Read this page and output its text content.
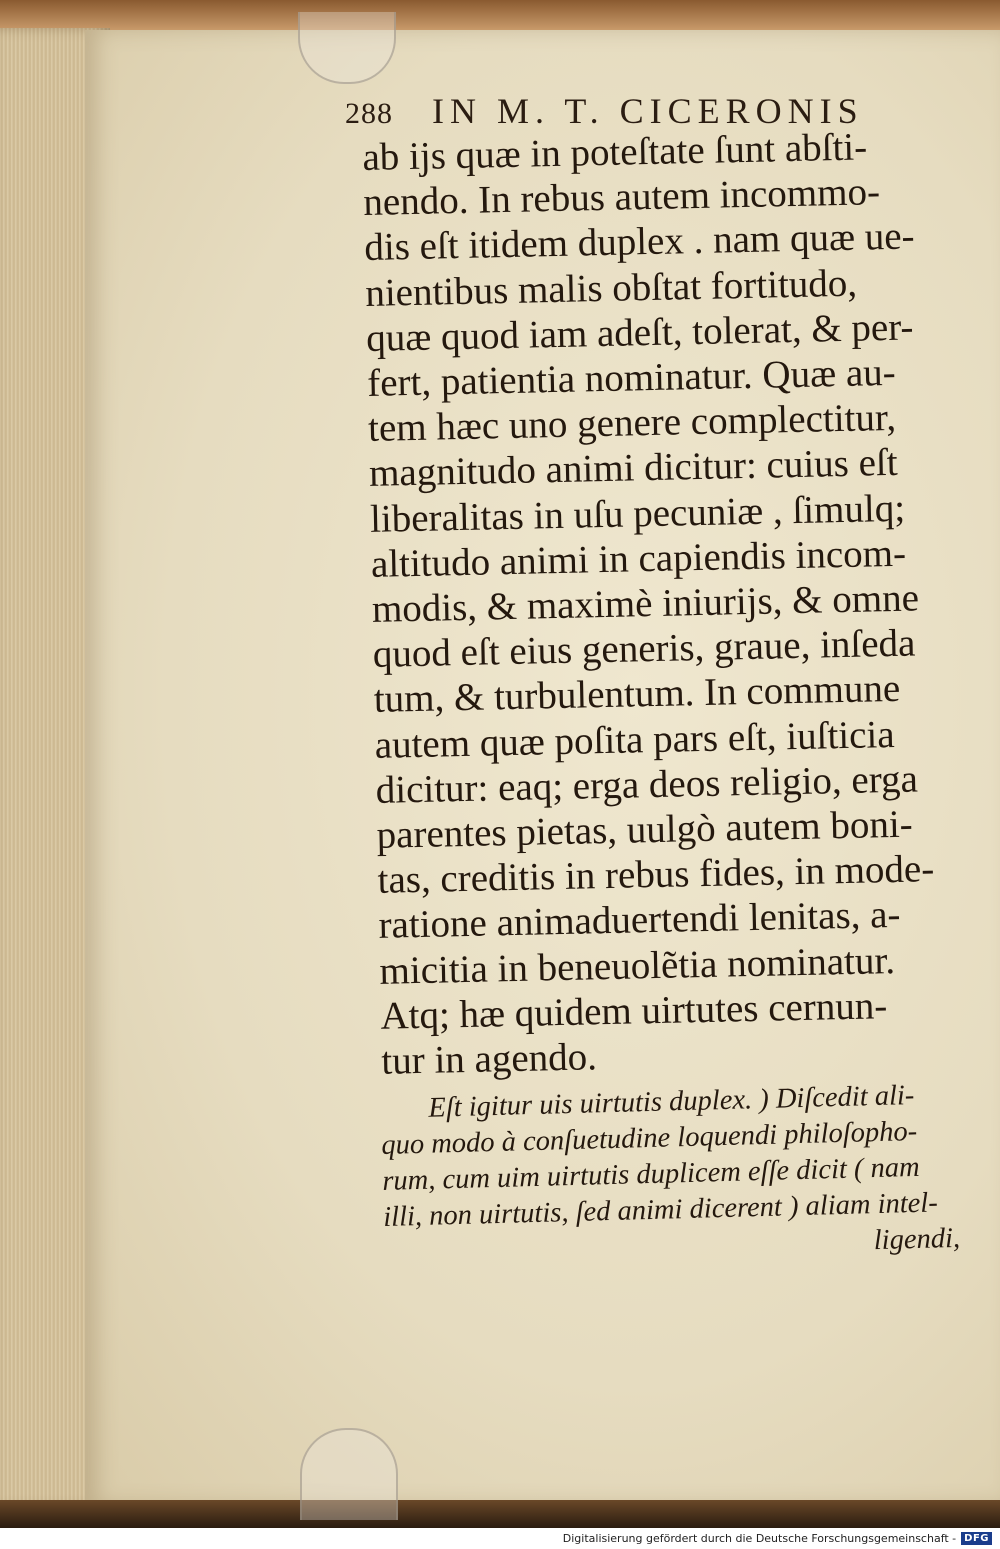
288 IN M. T. CICERONIS
ab ijs quæ in poteſtate ſunt abſti-
nendo. In rebus autem incommo-
dis eſt itidem duplex . nam quæ ue-
nientibus malis obſtat fortitudo,
quæ quod iam adeſt, tolerat, & per-
fert, patientia nominatur. Quæ au-
tem hæc uno genere complectitur,
magnitudo animi dicitur: cuius eſt
liberalitas in uſu pecuniæ , ſimulq;
altitudo animi in capiendis incom-
modis, & maximè iniurijs, & omne
quod eſt eius generis, graue, inſeda
tum, & turbulentum. In commune
autem quæ poſita pars eſt, iuſticia
dicitur: eaq; erga deos religio, erga
parentes pietas, uulgò autem boni-
tas, creditis in rebus fides, in mode-
ratione animaduertendi lenitas, a-
micitia in beneuolẽtia nominatur.
Atq; hæ quidem uirtutes cernun-
tur in agendo.
Eſt igitur uis uirtutis duplex. ) Diſcedit ali-
quo modo à conſuetudine loquendi philoſopho-
rum, cum uim uirtutis duplicem eſſe dicit ( nam
illi, non uirtutis, ſed animi dicerent ) aliam intel-
ligendi,
Digitalisierung gefördert durch die Deutsche Forschungsgemeinschaft - DFG
